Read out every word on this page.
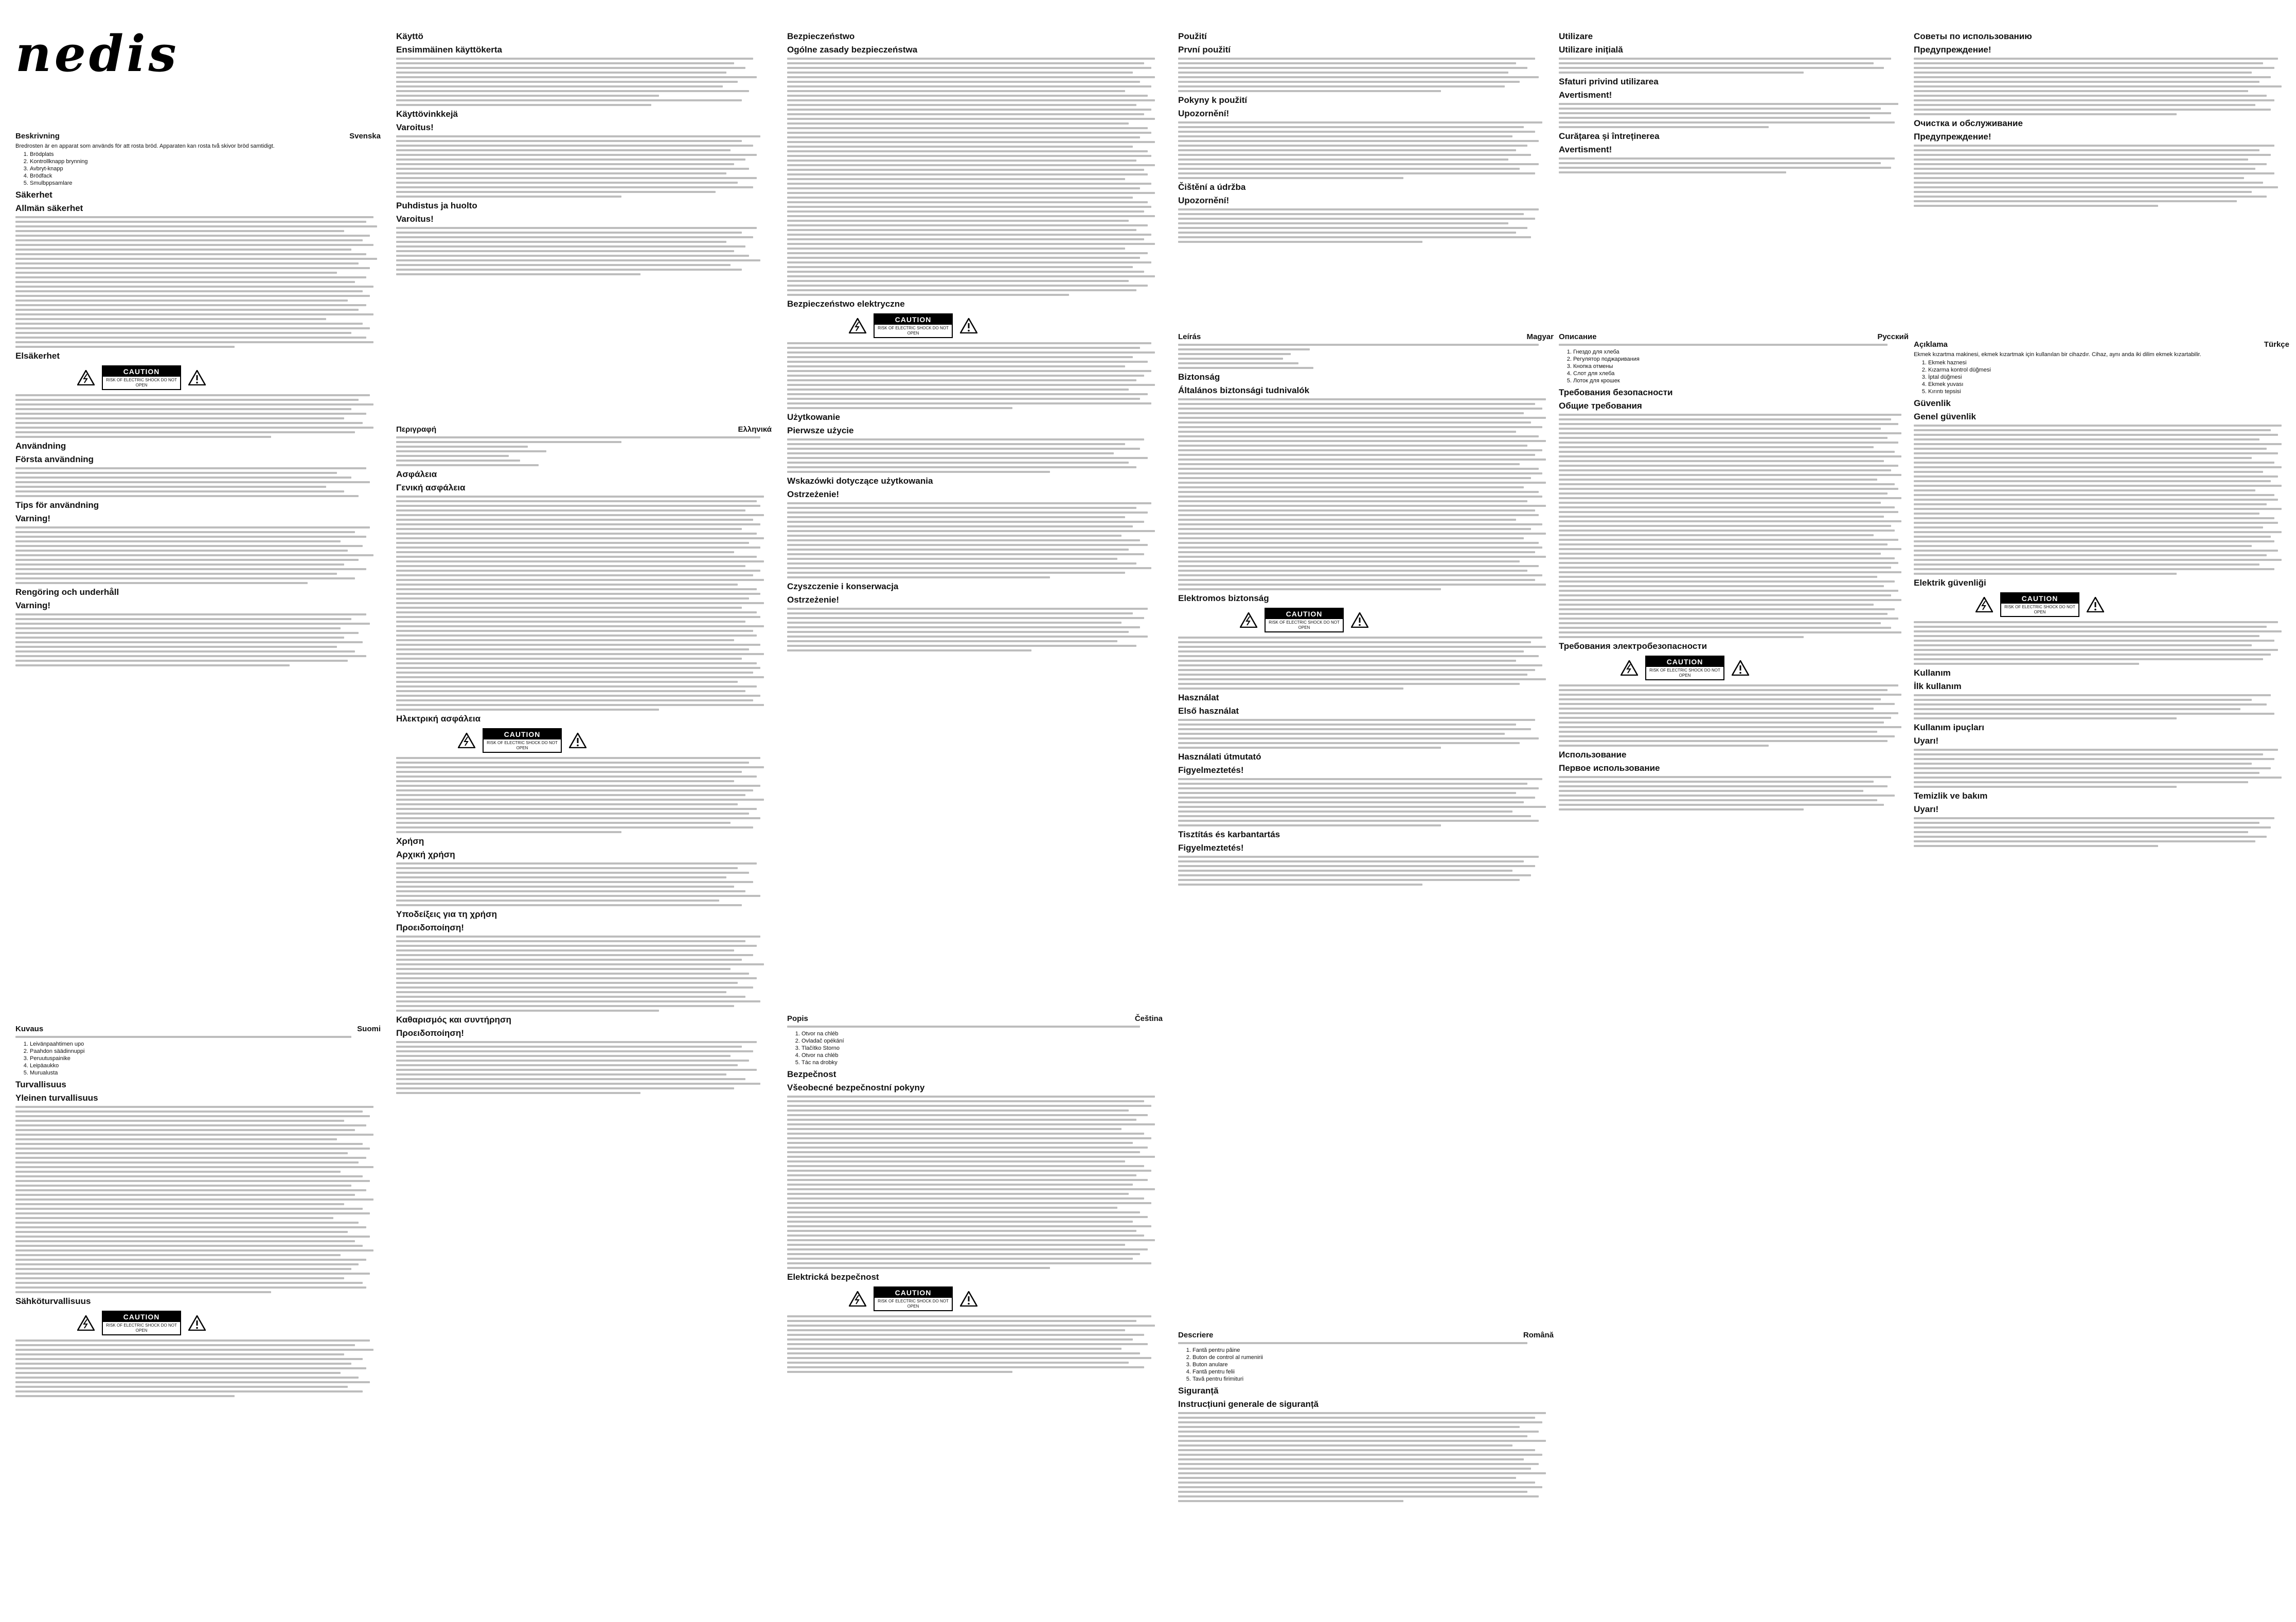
nedis
Beskrivning	Svenska
Bredrosten är en apparat som används för att rosta bröd. Apparaten kan rosta två skivor bröd samtidigt.
1. Brödplats
2. Kontrollknapp brynning
3. Avbryt-knapp
4. Brödfack
5. Smulbppsamlare
Säkerhet
Allmän säkerhet
Elsäkerhet
CAUTION
RISK OF ELECTRIC SHOCK DO NOT OPEN
Användning
Första användning
Tips för användning
Varning!
Rengöring och underhåll
Varning!
Kuvaus	Suomi
1. Leivänpaahtimen upo
2. Paahdon säädinnuppi
3. Peruutuspainike
4. Leipäaukko
5. Murualusta
Turvallisuus
Yleinen turvallisuus
Sähköturvallisuus
CAUTION
RISK OF ELECTRIC SHOCK DO NOT OPEN
Käyttö
Ensimmäinen käyttökerta
Käyttövinkkejä
Varoitus!
Puhdistus ja huolto
Varoitus!
Περιγραφή	Ελληνικά
Ασφάλεια
Γενική ασφάλεια
Ηλεκτρική ασφάλεια
CAUTION
RISK OF ELECTRIC SHOCK DO NOT OPEN
Χρήση
Αρχική χρήση
Υποδείξεις για τη χρήση
Προειδοποίηση!
Καθαρισμός και συντήρηση
Προειδοποίηση!
Bezpieczeństwo
Ogólne zasady bezpieczeństwa
Bezpieczeństwo elektryczne
CAUTION
RISK OF ELECTRIC SHOCK DO NOT OPEN
Użytkowanie
Pierwsze użycie
Wskazówki dotyczące użytkowania
Ostrzeżenie!
Czyszczenie i konserwacja
Ostrzeżenie!
Popis	Čeština
1. Otvor na chléb
2. Ovladač opékání
3. Tlačítko Storno
4. Otvor na chléb
5. Tác na drobky
Bezpečnost
Všeobecné bezpečnostní pokyny
Elektrická bezpečnost
CAUTION
RISK OF ELECTRIC SHOCK DO NOT OPEN
Použití
První použití
Pokyny k použití
Upozornění!
Čištění a údržba
Upozornění!
Leírás	Magyar
Biztonság
Általános biztonsági tudnivalók
Elektromos biztonság
CAUTION
RISK OF ELECTRIC SHOCK DO NOT OPEN
Használat
Első használat
Használati útmutató
Figyelmeztetés!
Tisztítás és karbantartás
Figyelmeztetés!
Descriere	Română
1. Fantă pentru pâine
2. Buton de control al rumenirii
3. Buton anulare
4. Fantă pentru felii
5. Tavă pentru firimituri
Siguranță
Instrucțiuni generale de siguranță
Советы по использованию
Предупреждение!
Очистка и обслуживание
Предупреждение!
Açıklama	Türkçe
Ekmek kızartma makinesi, ekmek kızartmak için kullanılan bir cihazdır. Cihaz, aynı anda iki dilim ekmek kızartabilir.
1. Ekmek haznesi
2. Kızarma kontrol düğmesi
3. İptal düğmesi
4. Ekmek yuvası
5. Kırıntı tepsisi
Güvenlik
Genel güvenlik
Elektrik güvenliği
CAUTION
RISK OF ELECTRIC SHOCK DO NOT OPEN
Kullanım
İlk kullanım
Kullanım ipuçları
Uyarı!
Temizlik ve bakım
Uyarı!
Utilizare
Utilizare inițială
Sfaturi privind utilizarea
Avertisment!
Curățarea și întreținerea
Avertisment!
Описание	Русский
1. Гнездо для хлеба
2. Регулятор поджаривания
3. Кнопка отмены
4. Слот для хлеба
5. Лоток для крошек
Требования безопасности
Общие требования
Требования электробезопасности
CAUTION
RISK OF ELECTRIC SHOCK DO NOT OPEN
Использование
Первое использование
